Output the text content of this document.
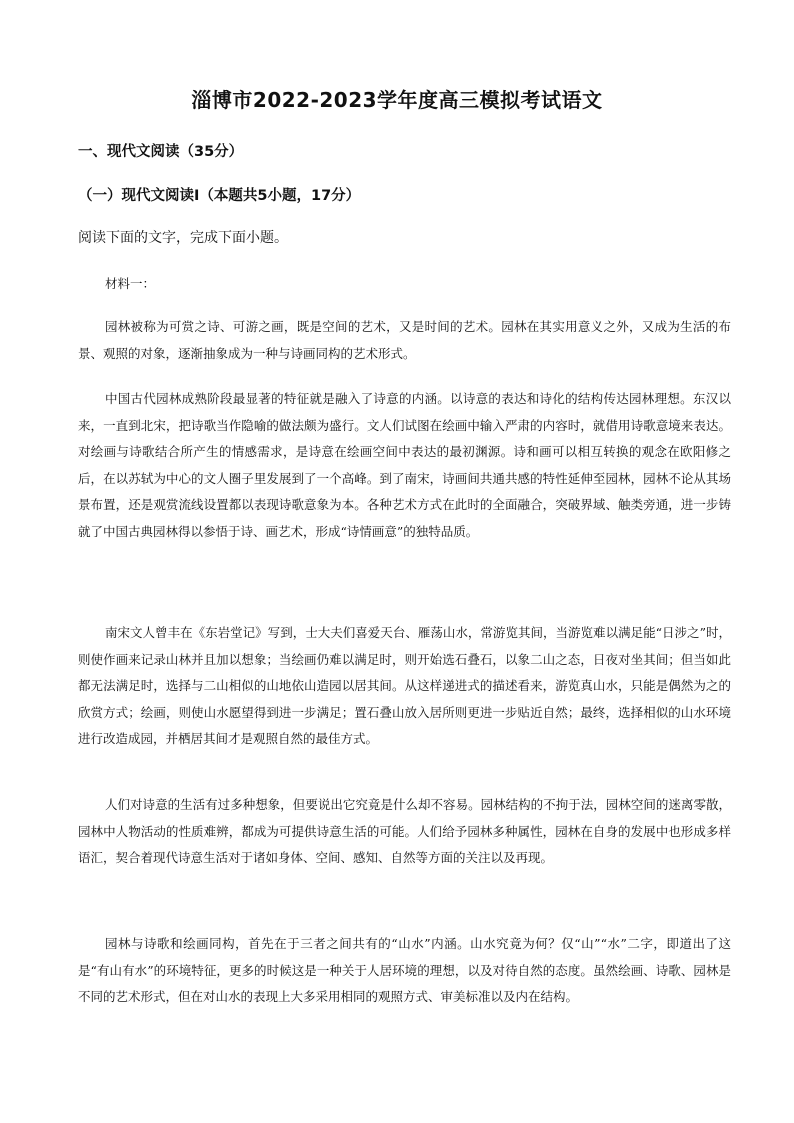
淄博市2022-2023学年度高三模拟考试语文
一、现代文阅读（35分）
（一）现代文阅读Ⅰ（本题共5小题，17分）

阅读下面的文字，完成下面小题。

材料一：

园林被称为可赏之诗、可游之画，既是空间的艺术，又是时间的艺术。园林在其实用意义之外，又成为生活的布景、观照的对象，逐渐抽象成为一种与诗画同构的艺术形式。

中国古代园林成熟阶段最显著的特征就是融入了诗意的内涵。以诗意的表达和诗化的结构传达园林理想。东汉以来，一直到北宋，把诗歌当作隐喻的做法颇为盛行。文人们试图在绘画中输入严肃的内容时，就借用诗歌意境来表达。对绘画与诗歌结合所产生的情感需求，是诗意在绘画空间中表达的最初渊源。诗和画可以相互转换的观念在欧阳修之后，在以苏轼为中心的文人圈子里发展到了一个高峰。到了南宋，诗画间共通共感的特性延伸至园林，园林不论从其场景布置，还是观赏流线设置都以表现诗歌意象为本。各种艺术方式在此时的全面融合，突破界域、触类旁通，进一步铸就了中国古典园林得以参悟于诗、画艺术，形成“诗情画意”的独特品质。

南宋文人曾丰在《东岩堂记》写到，士大夫们喜爱天台、雁荡山水，常游览其间，当游览难以满足能“日涉之”时，则使作画来记录山林并且加以想象；当绘画仍难以满足时，则开始选石叠石，以象二山之态，日夜对坐其间；但当如此都无法满足时，选择与二山相似的山地依山造园以居其间。从这样递进式的描述看来，游览真山水，只能是偶然为之的欣赏方式；绘画，则使山水愿望得到进一步满足；置石叠山放入居所则更进一步贴近自然；最终，选择相似的山水环境进行改造成园，并栖居其间才是观照自然的最佳方式。

人们对诗意的生活有过多种想象，但要说出它究竟是什么却不容易。园林结构的不拘于法，园林空间的迷离零散，园林中人物活动的性质难辨，都成为可提供诗意生活的可能。人们给予园林多种属性，园林在自身的发展中也形成多样语汇，契合着现代诗意生活对于诸如身体、空间、感知、自然等方面的关注以及再现。

园林与诗歌和绘画同构，首先在于三者之间共有的“山水”内涵。山水究竟为何？仅“山”“水”二字，即道出了这是“有山有水”的环境特征，更多的时候这是一种关于人居环境的理想，以及对待自然的态度。虽然绘画、诗歌、园林是不同的艺术形式，但在对山水的表现上大多采用相同的观照方式、审美标准以及内在结构。
